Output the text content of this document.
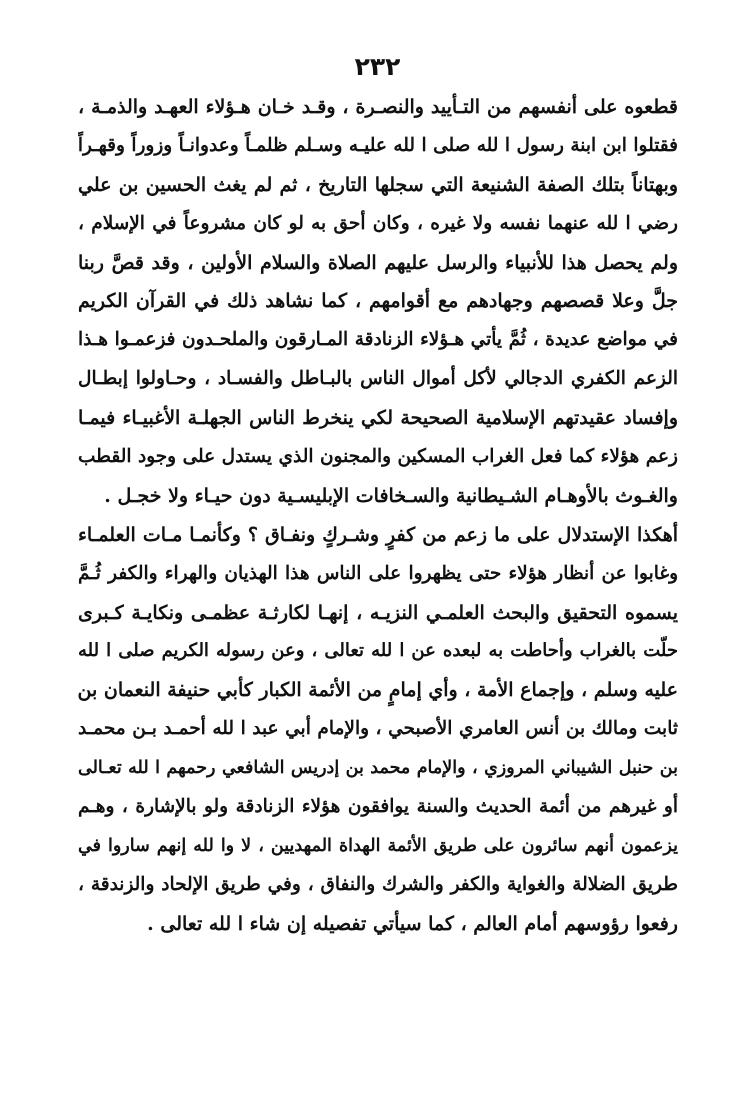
٢٣٢
قطعوه على أنفسهم من التـأييد والنصـرة ، وقـد خـان هـؤلاء العهـد والذمـة ،
فقتلوا ابن ابنة رسول ا لله صلى ا لله عليـه وسـلم ظلمـاً وعدوانـاً وزوراً وقهـراً
وبهتاناً بتلك الصفة الشنيعة التي سجلها التاريخ ، ثم لم يغث الحسين بن علي
رضي ا لله عنهما نفسه ولا غيره ، وكان أحق به لو كان مشروعاً في الإسلام ،
ولم يحصل هذا للأنبياء والرسل عليهم الصلاة والسلام الأولين ، وقد قصَّ ربنا
جلَّ وعلا قصصهم وجهادهم مع أقوامهم ، كما نشاهد ذلك في القرآن الكريم
في مواضع عديدة ، ثُمَّ يأتي هـؤلاء الزنادقة المـارقون والملحـدون فزعمـوا هـذا
الزعم الكفري الدجالي لأكل أموال الناس بالبـاطل والفسـاد ، وحـاولوا إبطـال
وإفساد عقيدتهم الإسلامية الصحيحة لكي ينخرط الناس الجهلـة الأغبيـاء فيمـا
زعم هؤلاء كما فعل الغراب المسكين والمجنون الذي يستدل على وجود القطب
والغـوث بالأوهـام الشـيطانية والسـخافات الإبليسـية دون حيـاء ولا خجـل .
أهكذا الإستدلال على ما زعم من كفرٍ وشـركٍ ونفـاق ؟ وكأنمـا مـات العلمـاء
وغابوا عن أنظار هؤلاء حتى يظهروا على الناس هذا الهذيان والهراء والكفر ثُـمَّ
يسموه التحقيق والبحث العلمـي النزيـه ، إنهـا لكارثـة عظمـى ونكايـة كـبرى
حلّت بالغراب وأحاطت به لبعده عن ا لله تعالى ، وعن رسوله الكريم صلى ا لله
عليه وسلم ، وإجماع الأمة ، وأي إمامٍ من الأئمة الكبار كأبي حنيفة النعمان بن
ثابت ومالك بن أنس العامري الأصبحي ، والإمام أبي عبد ا لله أحمـد بـن محمـد
بن حنبل الشيباني المروزي ، والإمام محمد بن إدريس الشافعي رحمهم ا لله تعـالى
أو غيرهم من أئمة الحديث والسنة يوافقون هؤلاء الزنادقة ولو بالإشارة ، وهـم
يزعمون أنهم سائرون على طريق الأئمة الهداة المهديين ، لا وا لله إنهم ساروا في
طريق الضلالة والغواية والكفر والشرك والنفاق ، وفي طريق الإلحاد والزندقة ،
رفعوا رؤوسهم أمام العالم ، كما سيأتي تفصيله إن شاء ا لله تعالى .
